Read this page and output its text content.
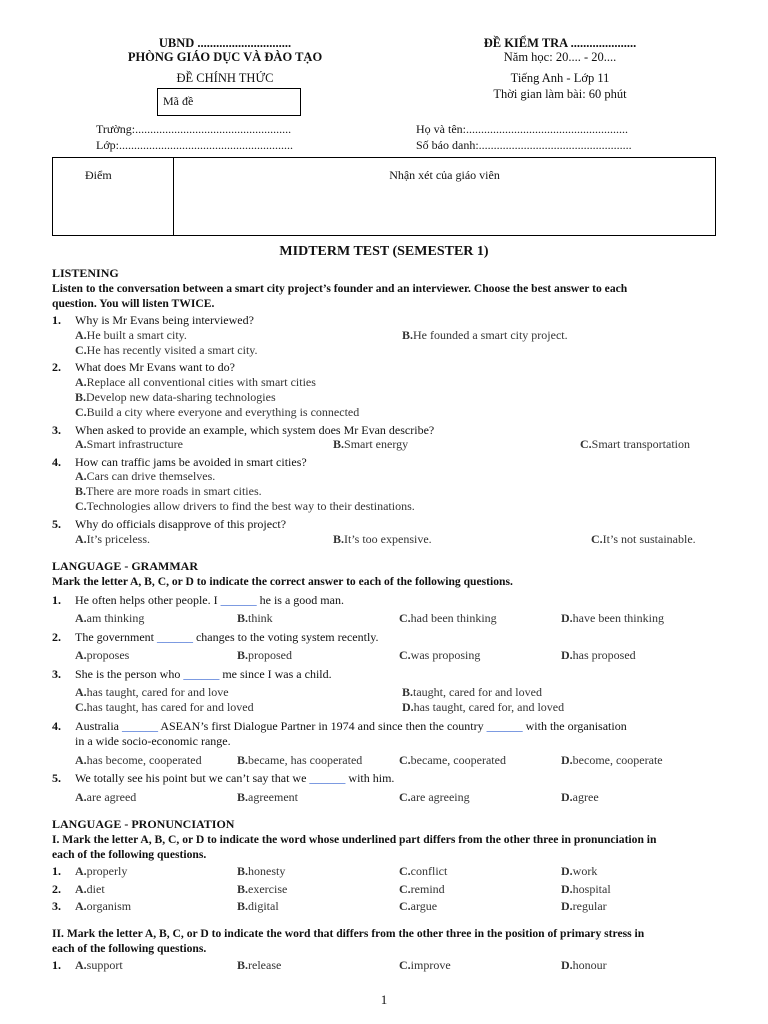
UBND ..............................
PHÒNG GIÁO DỤC VÀ ĐÀO TẠO
ĐỀ CHÍNH THỨC
Mã đề
ĐỀ KIỂM TRA .....................
Năm học: 20.... - 20....
Tiếng Anh - Lớp 11
Thời gian làm bài: 60 phút
Trường:....................................................
Lớp:..........................................................
Họ và tên:......................................................
Số báo danh:...................................................
Điểm	Nhận xét của giáo viên
MIDTERM TEST (SEMESTER 1)
LISTENING
Listen to the conversation between a smart city project’s founder and an interviewer. Choose the best answer to each
question. You will listen TWICE.
1. Why is Mr Evans being interviewed?
A.He built a smart city.	B.He founded a smart city project.
C.He has recently visited a smart city.
2. What does Mr Evans want to do?
A.Replace all conventional cities with smart cities
B.Develop new data-sharing technologies
C.Build a city where everyone and everything is connected
3. When asked to provide an example, which system does Mr Evan describe?
A.Smart infrastructure	B.Smart energy	C.Smart transportation
4. How can traffic jams be avoided in smart cities?
A.Cars can drive themselves.
B.There are more roads in smart cities.
C.Technologies allow drivers to find the best way to their destinations.
5. Why do officials disapprove of this project?
A.It’s priceless.	B.It’s too expensive.	C.It’s not sustainable.
LANGUAGE - GRAMMAR
Mark the letter A, B, C, or D to indicate the correct answer to each of the following questions.
1. He often helps other people. I ______ he is a good man.
A.am thinking	B.think	C.had been thinking	D.have been thinking
2. The government ______ changes to the voting system recently.
A.proposes	B.proposed	C.was proposing	D.has proposed
3. She is the person who ______ me since I was a child.
A.has taught, cared for and love	B.taught, cared for and loved
C.has taught, has cared for and loved	D.has taught, cared for, and loved
4. Australia ______ ASEAN’s first Dialogue Partner in 1974 and since then the country ______ with the organisation
in a wide socio-economic range.
A.has become, cooperated	B.became, has cooperated	C.became, cooperated	D.become, cooperate
5. We totally see his point but we can’t say that we ______ with him.
A.are agreed	B.agreement	C.are agreeing	D.agree
LANGUAGE - PRONUNCIATION
I. Mark the letter A, B, C, or D to indicate the word whose underlined part differs from the other three in pronunciation in
each of the following questions.
1. A.properly	B.honesty	C.conflict	D.work
2. A.diet	B.exercise	C.remind	D.hospital
3. A.organism	B.digital	C.argue	D.regular
II. Mark the letter A, B, C, or D to indicate the word that differs from the other three in the position of primary stress in
each of the following questions.
1. A.support	B.release	C.improve	D.honour
1
